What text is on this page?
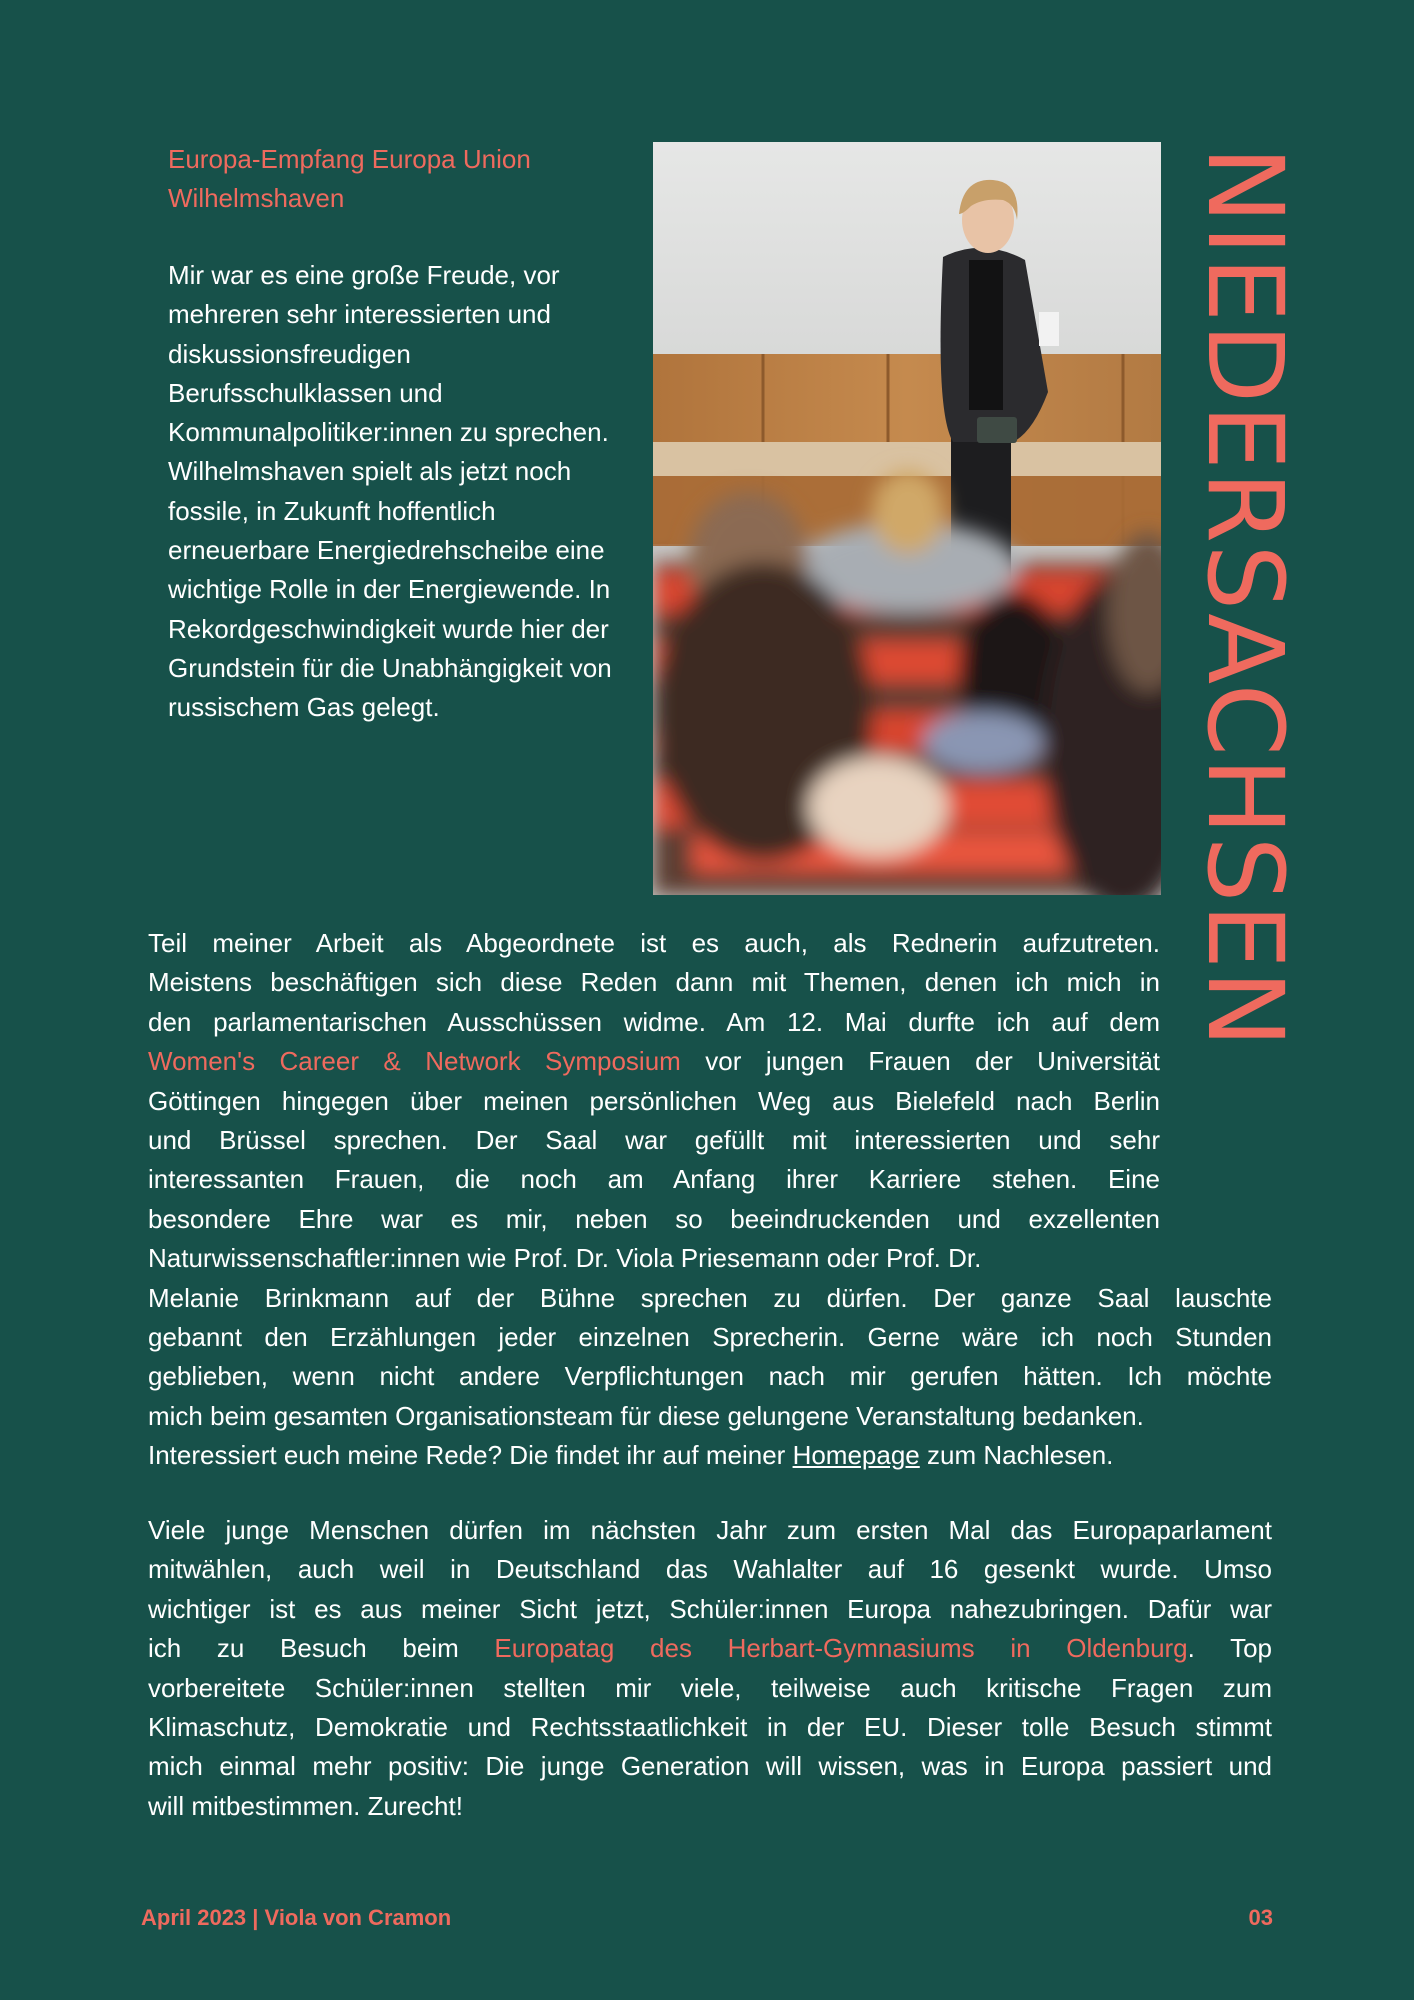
Europa-Empfang Europa Union Wilhelmshaven
Mir war es eine große Freude, vor mehreren sehr interessierten und diskussionsfreudigen Berufsschulklassen und Kommunalpolitiker:innen zu sprechen. Wilhelmshaven spielt als jetzt noch fossile, in Zukunft hoffentlich erneuerbare Energiedrehscheibe eine wichtige Rolle in der Energiewende. In Rekordgeschwindigkeit wurde hier der Grundstein für die Unabhängigkeit von russischem Gas gelegt.	NIEDERSACHSEN
Teil meiner Arbeit als Abgeordnete ist es auch, als Rednerin aufzutreten.
Meistens beschäftigen sich diese Reden dann mit Themen, denen ich mich in
den parlamentarischen Ausschüssen widme. Am 12. Mai durfte ich auf dem
Women's Career & Network Symposium vor jungen Frauen der Universität
Göttingen hingegen über meinen persönlichen Weg aus Bielefeld nach Berlin
und Brüssel sprechen. Der Saal war gefüllt mit interessierten und sehr
interessanten Frauen, die noch am Anfang ihrer Karriere stehen. Eine
besondere Ehre war es mir, neben so beeindruckenden und exzellenten
Naturwissenschaftler:innen wie Prof. Dr. Viola Priesemann oder Prof. Dr.
Melanie Brinkmann auf der Bühne sprechen zu dürfen. Der ganze Saal lauschte
gebannt den Erzählungen jeder einzelnen Sprecherin. Gerne wäre ich noch Stunden
geblieben, wenn nicht andere Verpflichtungen nach mir gerufen hätten. Ich möchte
mich beim gesamten Organisationsteam für diese gelungene Veranstaltung bedanken.
Interessiert euch meine Rede? Die findet ihr auf meiner Homepage zum Nachlesen.
Viele junge Menschen dürfen im nächsten Jahr zum ersten Mal das Europaparlament
mitwählen, auch weil in Deutschland das Wahlalter auf 16 gesenkt wurde. Umso
wichtiger ist es aus meiner Sicht jetzt, Schüler:innen Europa nahezubringen. Dafür war
ich zu Besuch beim Europatag des Herbart-Gymnasiums in Oldenburg. Top
vorbereitete Schüler:innen stellten mir viele, teilweise auch kritische Fragen zum
Klimaschutz, Demokratie und Rechtsstaatlichkeit in der EU. Dieser tolle Besuch stimmt
mich einmal mehr positiv: Die junge Generation will wissen, was in Europa passiert und
will mitbestimmen. Zurecht!
April 2023 | Viola von Cramon	03
